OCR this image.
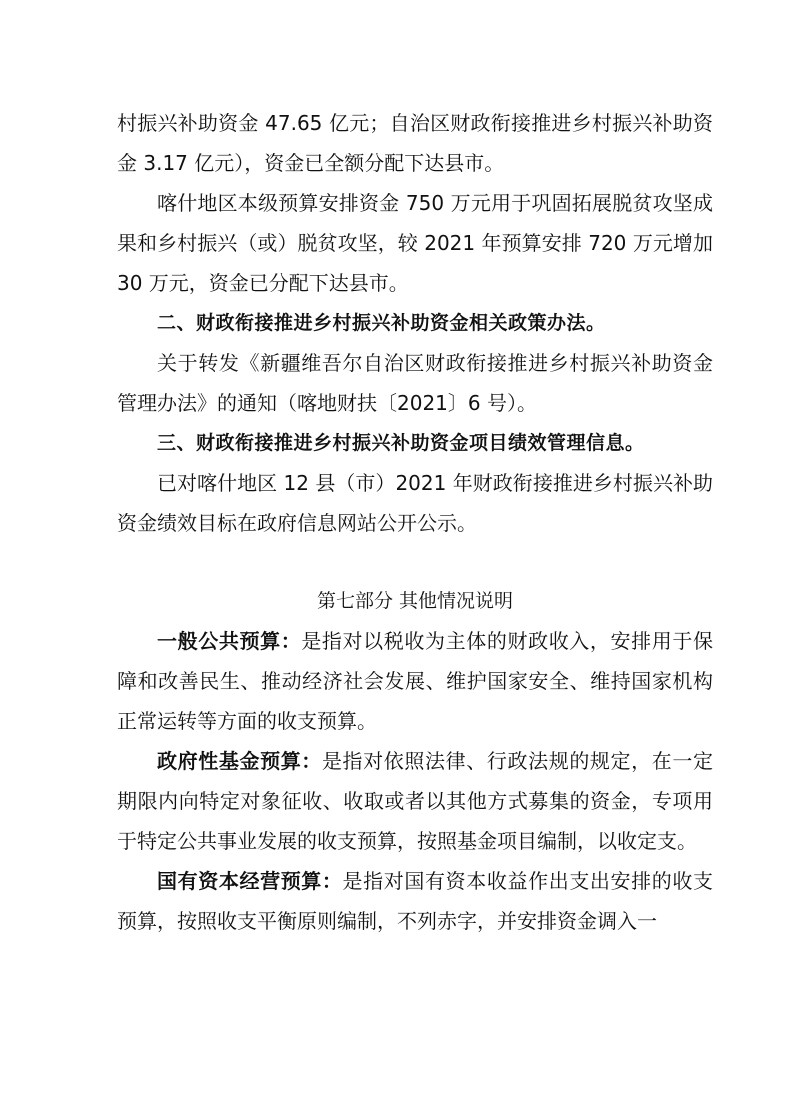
村振兴补助资金 47.65 亿元；自治区财政衔接推进乡村振兴补助资金 3.17 亿元），资金已全额分配下达县市。

喀什地区本级预算安排资金 750 万元用于巩固拓展脱贫攻坚成果和乡村振兴（或）脱贫攻坚，较 2021 年预算安排 720 万元增加 30 万元，资金已分配下达县市。

二、财政衔接推进乡村振兴补助资金相关政策办法。

关于转发《新疆维吾尔自治区财政衔接推进乡村振兴补助资金管理办法》的通知（喀地财扶〔2021〕6 号）。

三、财政衔接推进乡村振兴补助资金项目绩效管理信息。

已对喀什地区 12 县（市）2021 年财政衔接推进乡村振兴补助资金绩效目标在政府信息网站公开公示。

第七部分 其他情况说明

一般公共预算：是指对以税收为主体的财政收入，安排用于保障和改善民生、推动经济社会发展、维护国家安全、维持国家机构正常运转等方面的收支预算。

政府性基金预算：是指对依照法律、行政法规的规定，在一定期限内向特定对象征收、收取或者以其他方式募集的资金，专项用于特定公共事业发展的收支预算，按照基金项目编制，以收定支。

国有资本经营预算：是指对国有资本收益作出支出安排的收支预算，按照收支平衡原则编制，不列赤字，并安排资金调入一
